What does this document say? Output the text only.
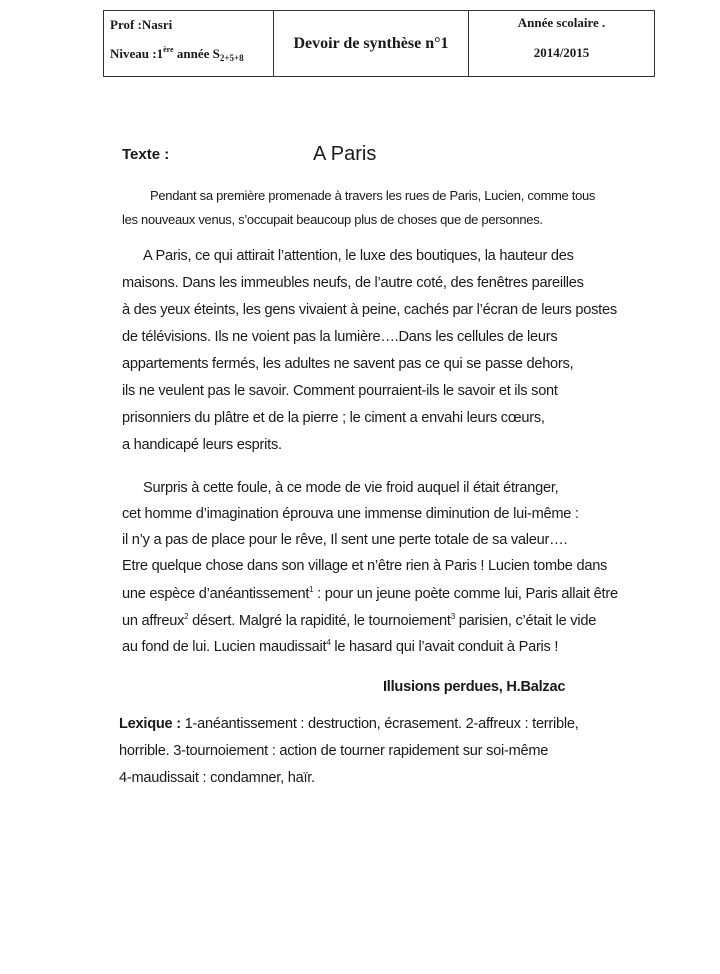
Prof :Nasri
Niveau :1ère année $S_{2+5+8}$
Devoir de synthèse n°1
Année scolaire .
2014/2015
Texte :	A Paris
Pendant sa première promenade à travers les rues de Paris, Lucien, comme tous
les nouveaux venus, s’occupait beaucoup plus de choses que de personnes.
A Paris, ce qui attirait l’attention, le luxe des boutiques, la hauteur des
maisons. Dans les immeubles neufs, de l’autre coté, des fenêtres pareilles
à des yeux éteints, les gens vivaient à peine, cachés par l’écran de leurs postes
de télévisions. Ils ne voient pas la lumière….Dans les cellules de leurs
appartements fermés, les adultes ne savent pas ce qui se passe dehors,
ils ne veulent pas le savoir. Comment pourraient-ils le savoir et ils sont
prisonniers du plâtre et de la pierre ; le ciment a envahi leurs cœurs,
a handicapé leurs esprits.
Surpris à cette foule, à ce mode de vie froid auquel il était étranger,
cet homme d’imagination éprouva une immense diminution de lui-même :
il n’y a pas de place pour le rêve, Il sent une perte totale de sa valeur….
Etre quelque chose dans son village et n’être rien à Paris ! Lucien tombe dans
une espèce d’anéantissement$^1$ : pour un jeune poète comme lui, Paris allait être
un affreux$^2$ désert. Malgré la rapidité, le tournoiement$^3$ parisien, c’était le vide
au fond de lui. Lucien maudissait$^4$ le hasard qui l’avait conduit à Paris !
Illusions perdues, H.Balzac
Lexique : 1-anéantissement : destruction, écrasement. 2-affreux : terrible,
horrible. 3-tournoiement : action de tourner rapidement sur soi-même
4-maudissait : condamner, haïr.
